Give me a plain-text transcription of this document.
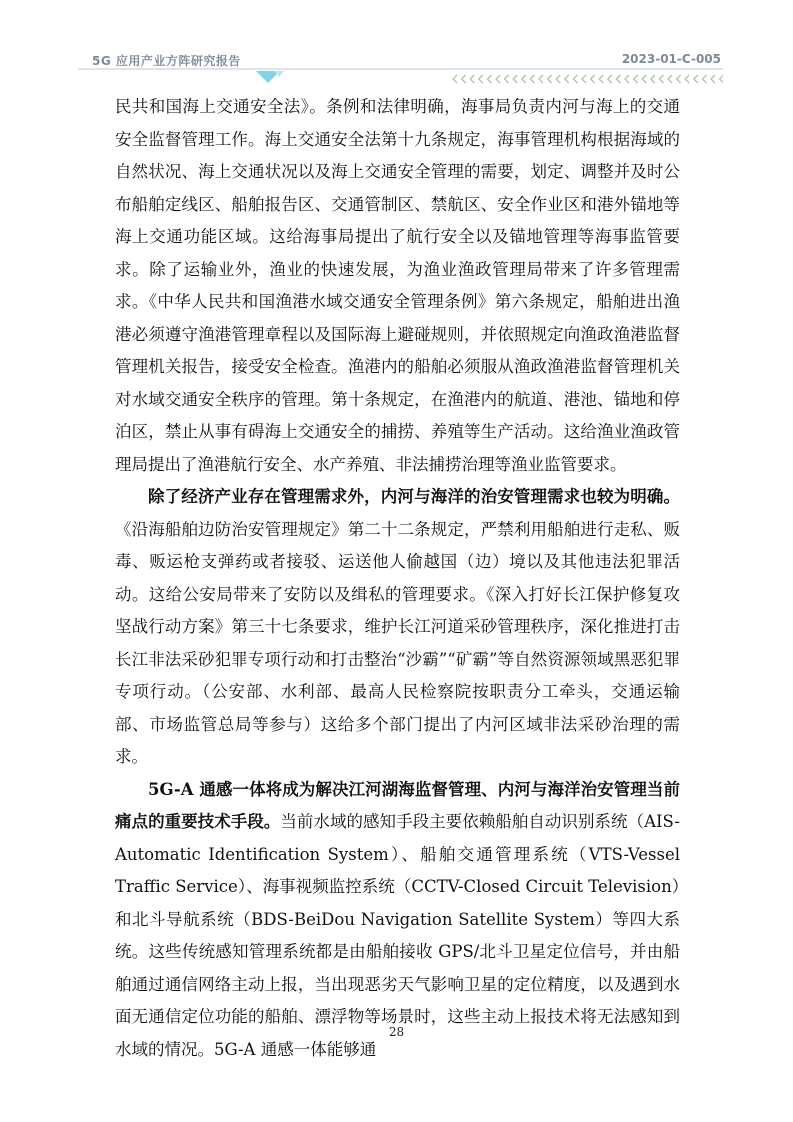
5G 应用产业方阵研究报告	2023-01-C-005

民共和国海上交通安全法》。条例和法律明确，海事局负责内河与海上的交通安全监督管理工作。海上交通安全法第十九条规定，海事管理机构根据海域的自然状况、海上交通状况以及海上交通安全管理的需要，划定、调整并及时公布船舶定线区、船舶报告区、交通管制区、禁航区、安全作业区和港外锚地等海上交通功能区域。这给海事局提出了航行安全以及锚地管理等海事监管要求。除了运输业外，渔业的快速发展，为渔业渔政管理局带来了许多管理需求。《中华人民共和国渔港水域交通安全管理条例》第六条规定，船舶进出渔港必须遵守渔港管理章程以及国际海上避碰规则，并依照规定向渔政渔港监督管理机关报告，接受安全检查。渔港内的船舶必须服从渔政渔港监督管理机关对水域交通安全秩序的管理。第十条规定，在渔港内的航道、港池、锚地和停泊区，禁止从事有碍海上交通安全的捕捞、养殖等生产活动。这给渔业渔政管理局提出了渔港航行安全、水产养殖、非法捕捞治理等渔业监管要求。

除了经济产业存在管理需求外，内河与海洋的治安管理需求也较为明确。《沿海船舶边防治安管理规定》第二十二条规定，严禁利用船舶进行走私、贩毒、贩运枪支弹药或者接驳、运送他人偷越国（边）境以及其他违法犯罪活动。这给公安局带来了安防以及缉私的管理要求。《深入打好长江保护修复攻坚战行动方案》第三十七条要求，维护长江河道采砂管理秩序，深化推进打击长江非法采砂犯罪专项行动和打击整治“沙霸”“矿霸”等自然资源领域黑恶犯罪专项行动。（公安部、水利部、最高人民检察院按职责分工牵头，交通运输部、市场监管总局等参与）这给多个部门提出了内河区域非法采砂治理的需求。

5G-A 通感一体将成为解决江河湖海监督管理、内河与海洋治安管理当前痛点的重要技术手段。当前水域的感知手段主要依赖船舶自动识别系统（AIS-Automatic Identification System）、船舶交通管理系统（VTS-Vessel Traffic Service）、海事视频监控系统（CCTV-Closed Circuit Television）和北斗导航系统（BDS-BeiDou Navigation Satellite System）等四大系统。这些传统感知管理系统都是由船舶接收 GPS/北斗卫星定位信号，并由船舶通过通信网络主动上报，当出现恶劣天气影响卫星的定位精度，以及遇到水面无通信定位功能的船舶、漂浮物等场景时，这些主动上报技术将无法感知到水域的情况。5G-A 通感一体能够通

28
